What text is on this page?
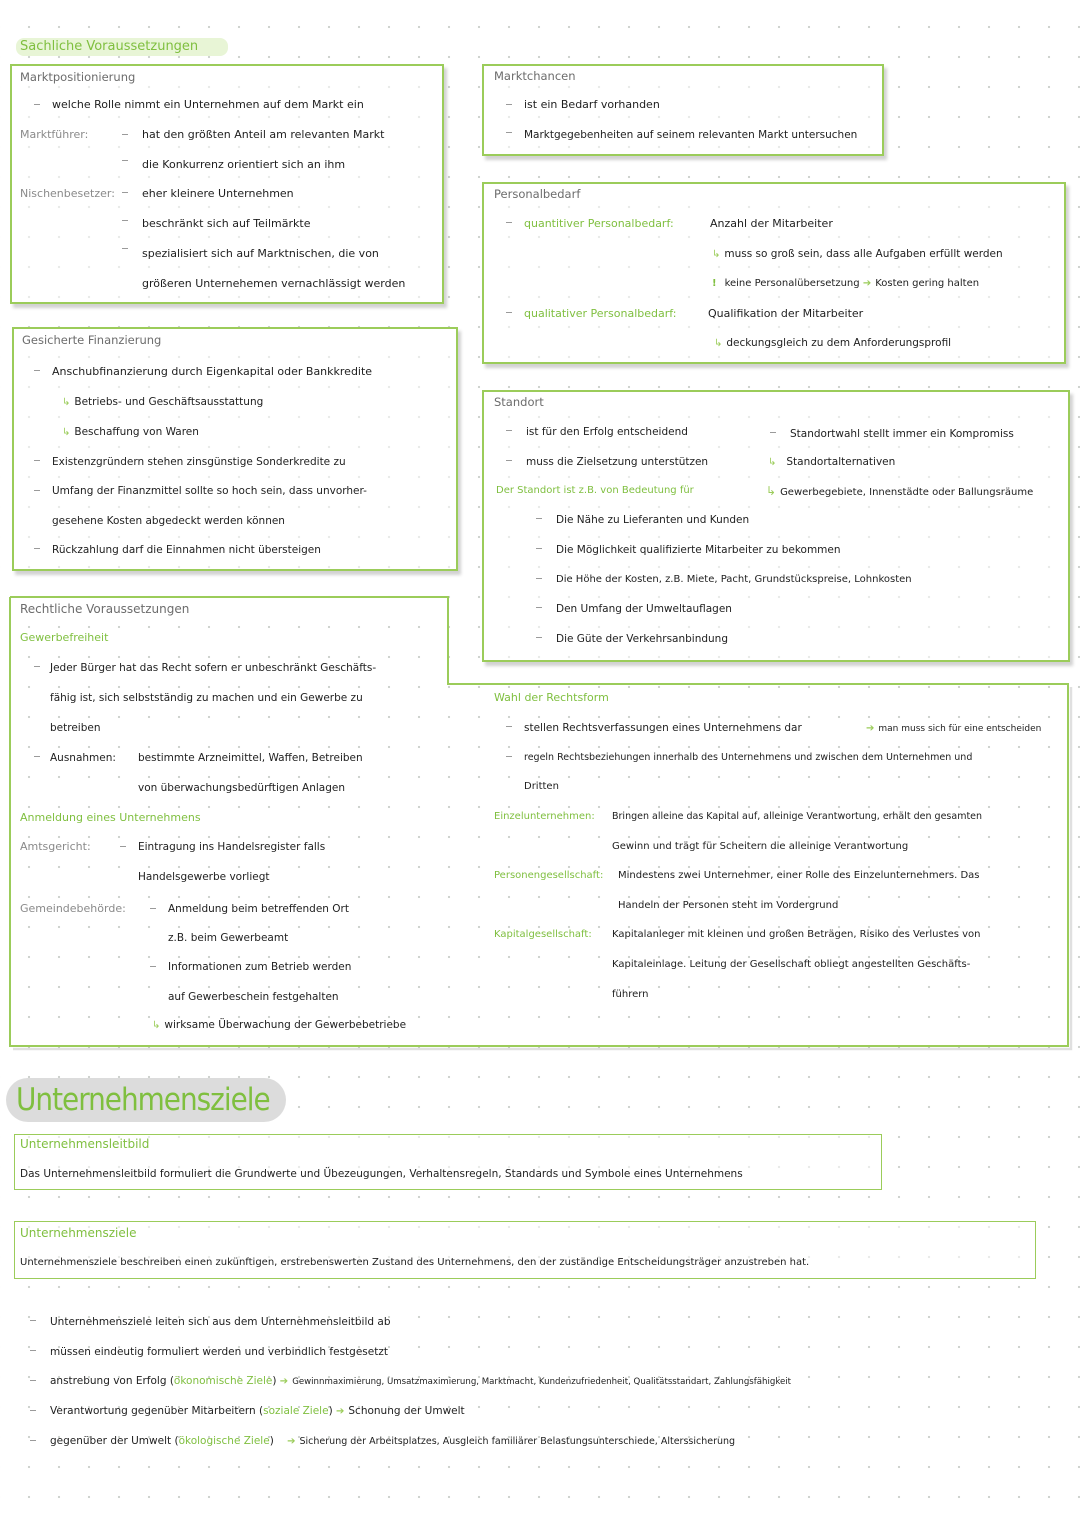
Sachliche Voraussetzungen
Marktpositionierung
welche Rolle nimmt ein Unternehmen auf dem Markt ein
Marktführer:	hat den größten Anteil am relevanten Markt
die Konkurrenz orientiert sich an ihm
Nischenbesetzer: eher kleinere Unternehmen
beschränkt sich auf Teilmärkte
spezialisiert sich auf Marktnischen, die von
größeren Unternehemen vernachlässigt werden
Marktchancen
ist ein Bedarf vorhanden
Marktgegebenheiten auf seinem relevanten Markt untersuchen
Personalbedarf
quantitiver Personalbedarf:	Anzahl der Mitarbeiter
↳ muss so groß sein, dass alle Aufgaben erfüllt werden
! keine Personalübersetzung ➔ Kosten gering halten
qualitativer Personalbedarf:	Qualifikation der Mitarbeiter
↳ deckungsgleich zu dem Anforderungsprofil
Gesicherte Finanzierung
Anschubfinanzierung durch Eigenkapital oder Bankkredite
↳ Betriebs- und Geschäftsausstattung
↳ Beschaffung von Waren
Existenzgründern stehen zinsgünstige Sonderkredite zu
Umfang der Finanzmittel sollte so hoch sein, dass unvorher-
gesehene Kosten abgedeckt werden können
Rückzahlung darf die Einnahmen nicht übersteigen
Standort
ist für den Erfolg entscheidend
muss die Zielsetzung unterstützen
Standortwahl stellt immer ein Kompromiss
↳ Standortalternativen
↳ Gewerbegebiete, Innenstädte oder Ballungsräume
Der Standort ist z.B. von Bedeutung für
Die Nähe zu Lieferanten und Kunden
Die Möglichkeit qualifizierte Mitarbeiter zu bekommen
Die Höhe der Kosten, z.B. Miete, Pacht, Grundstückspreise, Lohnkosten
Den Umfang der Umweltauflagen
Die Güte der Verkehrsanbindung
Rechtliche Voraussetzungen
Gewerbefreiheit
Jeder Bürger hat das Recht sofern er unbeschränkt Geschäfts-
fähig ist, sich selbstständig zu machen und ein Gewerbe zu
betreiben
Ausnahmen: bestimmte Arzneimittel, Waffen, Betreiben
von überwachungsbedürftigen Anlagen
Anmeldung eines Unternehmens
Amtsgericht:	Eintragung ins Handelsregister falls
Handelsgewerbe vorliegt
Gemeindebehörde:	Anmeldung beim betreffenden Ort
z.B. beim Gewerbeamt
Informationen zum Betrieb werden
auf Gewerbeschein festgehalten
↳ wirksame Überwachung der Gewerbebetriebe
Wahl der Rechtsform
stellen Rechtsverfassungen eines Unternehmens dar	➔ man muss sich für eine entscheiden
regeln Rechtsbeziehungen innerhalb des Unternehmens und zwischen dem Unternehmen und
Dritten
Einzelunternehmen: Bringen alleine das Kapital auf, alleinige Verantwortung, erhält den gesamten
Gewinn und trägt für Scheitern die alleinige Verantwortung
Personengesellschaft: Mindestens zwei Unternehmer, einer Rolle des Einzelunternehmers. Das
Handeln der Personen steht im Vordergrund
Kapitalgesellschaft: Kapitalanleger mit kleinen und großen Beträgen, Risiko des Verlustes von
Kapitaleinlage. Leitung der Gesellschaft obliegt angestellten Geschäfts-
führern
Unternehmensziele
Unternehmensleitbild
Das Unternehmensleitbild formuliert die Grundwerte und Übezeugungen, Verhaltensregeln, Standards und Symbole eines Unternehmens
Unternehmensziele
Unternehmensziele beschreiben einen zukünftigen, erstrebenswerten Zustand des Unternehmens, den der zuständige Entscheidungsträger anzustreben hat.
Unternehmensziele leiten sich aus dem Unternehmensleitbild ab
müssen eindeutig formuliert werden und verbindlich festgesetzt
anstrebung von Erfolg (ökonomische Ziele) ➔ Gewinnmaximierung, Umsatzmaximierung, Marktmacht, Kundenzufriedenheit, Qualitätsstandart, Zahlungsfähigkeit
Verantwortung gegenüber Mitarbeitern (soziale Ziele) ➔ Schonung der Umwelt
gegenüber der Umwelt (ökologische Ziele) ➔ Sicherung der Arbeitsplatzes, Ausgleich familiärer Belastungsunterschiede, Alterssicherung
